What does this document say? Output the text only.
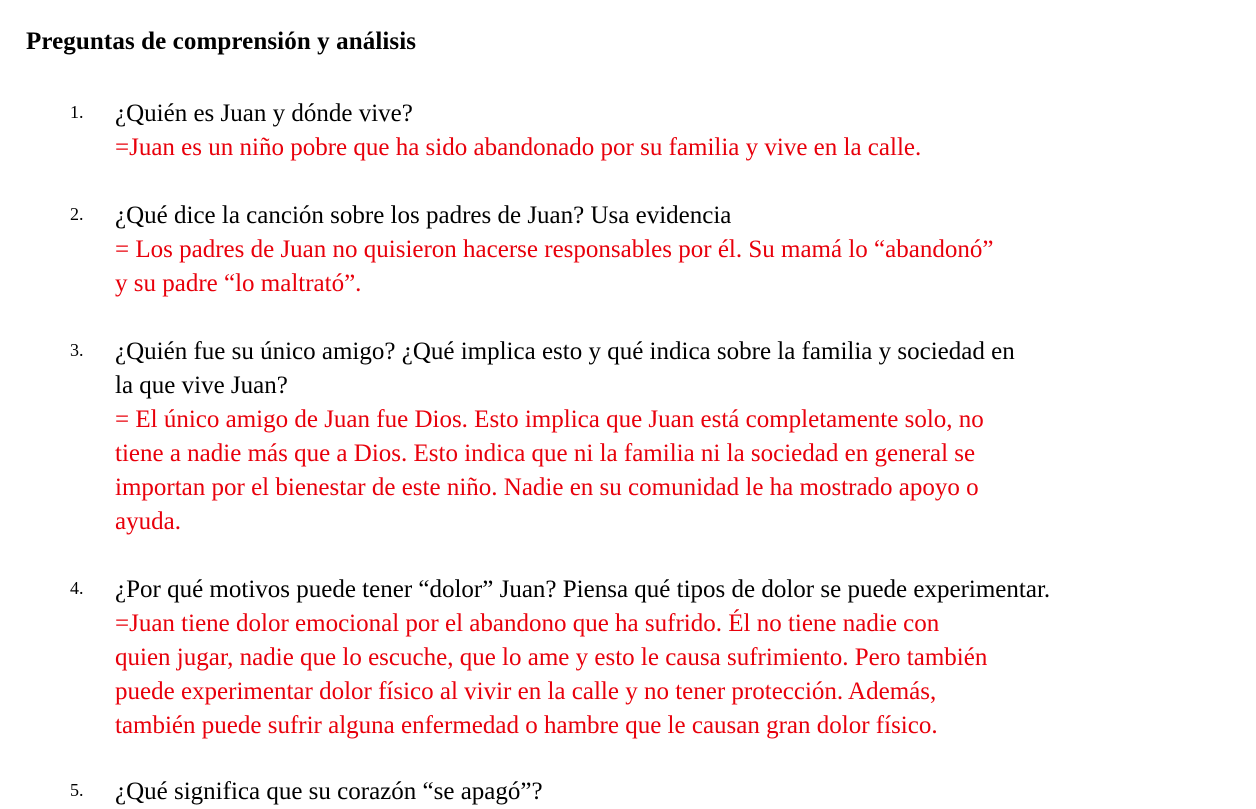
Preguntas de comprensión y análisis
1.	¿Quién es Juan y dónde vive?
=Juan es un niño pobre que ha sido abandonado por su familia y vive en la calle.
2.	¿Qué dice la canción sobre los padres de Juan? Usa evidencia
= Los padres de Juan no quisieron hacerse responsables por él. Su mamá lo “abandonó”
y su padre “lo maltrató”.
3.	¿Quién fue su único amigo? ¿Qué implica esto y qué indica sobre la familia y sociedad en
la que vive Juan?
= El único amigo de Juan fue Dios. Esto implica que Juan está completamente solo, no
tiene a nadie más que a Dios. Esto indica que ni la familia ni la sociedad en general se
importan por el bienestar de este niño. Nadie en su comunidad le ha mostrado apoyo o
ayuda.
4.	¿Por qué motivos puede tener “dolor” Juan? Piensa qué tipos de dolor se puede experimentar.
=Juan tiene dolor emocional por el abandono que ha sufrido. Él no tiene nadie con
quien jugar, nadie que lo escuche, que lo ame y esto le causa sufrimiento. Pero también
puede experimentar dolor físico al vivir en la calle y no tener protección. Además,
también puede sufrir alguna enfermedad o hambre que le causan gran dolor físico.
5.	¿Qué significa que su corazón “se apagó”?
